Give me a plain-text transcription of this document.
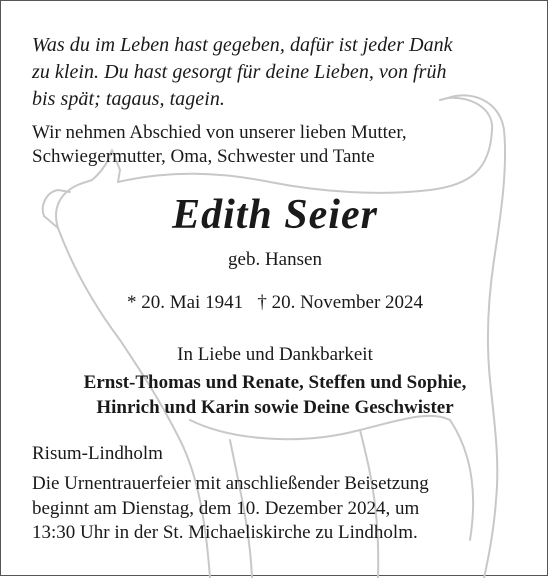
Was du im Leben hast gegeben, dafür ist jeder Dank

zu klein. Du hast gesorgt für deine Lieben, von früh

bis spät; tagaus, tagein.

Wir nehmen Abschied von unserer lieben Mutter,

Schwiegermutter, Oma, Schwester und Tante

Edith Seier

geb. Hansen

* 20. Mai 1941   † 20. November 2024

In Liebe und Dankbarkeit

Ernst-Thomas und Renate, Steffen und Sophie,

Hinrich und Karin sowie Deine Geschwister

Risum-Lindholm

Die Urnentrauerfeier mit anschließender Beisetzung

beginnt am Dienstag, dem 10. Dezember 2024, um

13:30 Uhr in der St. Michaeliskirche zu Lindholm.
